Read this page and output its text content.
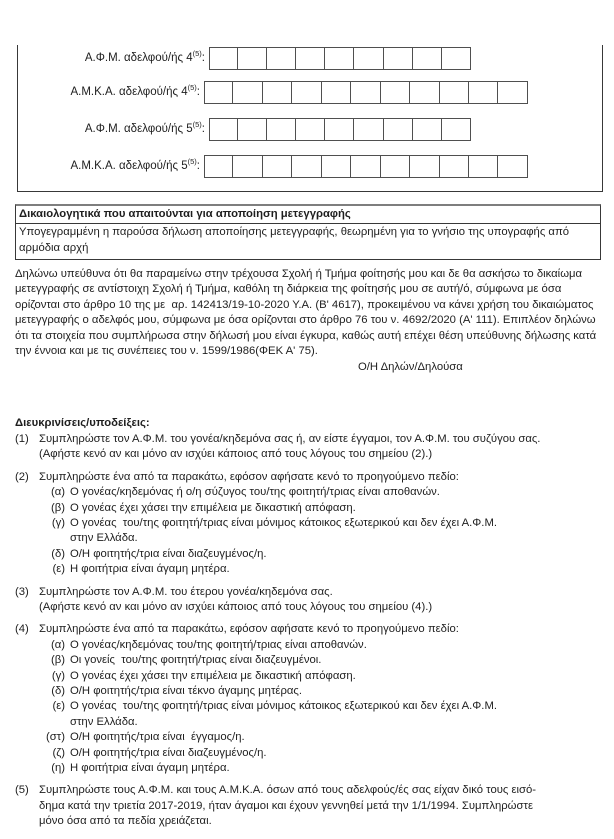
Α.Φ.Μ. αδελφού/ής 4$^{(5)}$:
Α.Μ.Κ.Α. αδελφού/ής 4$^{(5)}$:
Α.Φ.Μ. αδελφού/ής 5$^{(5)}$:
Α.Μ.Κ.Α. αδελφού/ής 5$^{(5)}$:
Δικαιολογητικά που απαιτούνται για αποποίηση μετεγγραφής
Υπογεγραμμένη η παρούσα δήλωση αποποίησης μετεγγραφής, θεωρημένη για το γνήσιο της υπογραφής από αρμόδια αρχή

Δηλώνω υπεύθυνα ότι θα παραμείνω στην τρέχουσα Σχολή ή Τμήμα φοίτησής μου και δε θα ασκήσω το δικαίωμα μετεγγραφής σε αντίστοιχη Σχολή ή Τμήμα, καθόλη τη διάρκεια της φοίτησής μου σε αυτή/ό, σύμφωνα με όσα ορίζονται στο άρθρο 10 της με  αρ. 142413/19-10-2020 Υ.Α. (Β' 4617), προκειμένου να κάνει χρήση του δικαιώματος μετεγγραφής ο αδελφός μου, σύμφωνα με όσα ορίζονται στο άρθρο 76 του ν. 4692/2020 (Α' 111). Επιπλέον δηλώνω ότι τα στοιχεία που συμπλήρωσα στην δήλωσή μου είναι έγκυρα, καθώς αυτή επέχει θέση υπεύθυνης δήλωσης κατά την έννοια και με τις συνέπειες του ν. 1599/1986(ΦΕΚ Α' 75).

Ο/Η Δηλών/Δηλούσα
Διευκρινίσεις/υποδείξεις:
(1) Συμπληρώστε τον Α.Φ.Μ. του γονέα/κηδεμόνα σας ή, αν είστε έγγαμοι, τον Α.Φ.Μ. του συζύγου σας.
(Αφήστε κενό αν και μόνο αν ισχύει κάποιος από τους λόγους του σημείου (2).)
(2) Συμπληρώστε ένα από τα παρακάτω, εφόσον αφήσατε κενό το προηγούμενο πεδίο:
(α) Ο γονέας/κηδεμόνας ή ο/η σύζυγος του/της φοιτητή/τριας είναι αποθανών.
(β) Ο γονέας έχει χάσει την επιμέλεια με δικαστική απόφαση.
(γ) Ο γονέας  του/της φοιτητή/τριας είναι μόνιμος κάτοικος εξωτερικού και δεν έχει Α.Φ.Μ.
στην Ελλάδα.
(δ) Ο/Η φοιτητής/τρια είναι διαζευγμένος/η.
(ε) Η φοιτήτρια είναι άγαμη μητέρα.
(3) Συμπληρώστε τον Α.Φ.Μ. του έτερου γονέα/κηδεμόνα σας.
(Αφήστε κενό αν και μόνο αν ισχύει κάποιος από τους λόγους του σημείου (4).)
(4) Συμπληρώστε ένα από τα παρακάτω, εφόσον αφήσατε κενό το προηγούμενο πεδίο:
(α) Ο γονέας/κηδεμόνας του/της φοιτητή/τριας είναι αποθανών.
(β) Οι γονείς  του/της φοιτητή/τριας είναι διαζευγμένοι.
(γ) Ο γονέας έχει χάσει την επιμέλεια με δικαστική απόφαση.
(δ) Ο/Η φοιτητής/τρια είναι τέκνο άγαμης μητέρας.
(ε) Ο γονέας  του/της φοιτητή/τριας είναι μόνιμος κάτοικος εξωτερικού και δεν έχει Α.Φ.Μ.
στην Ελλάδα.
(στ) Ο/Η φοιτητής/τρια είναι  έγγαμος/η.
(ζ) Ο/Η φοιτητής/τρια είναι διαζευγμένος/η.
(η) Η φοιτήτρια είναι άγαμη μητέρα.
(5) Συμπληρώστε τους Α.Φ.Μ. και τους Α.Μ.Κ.Α. όσων από τους αδελφούς/ές σας είχαν δικό τους εισό-
δημα κατά την τριετία 2017-2019, ήταν άγαμοι και έχουν γεννηθεί μετά την 1/1/1994. Συμπληρώστε
μόνο όσα από τα πεδία χρειάζεται.
